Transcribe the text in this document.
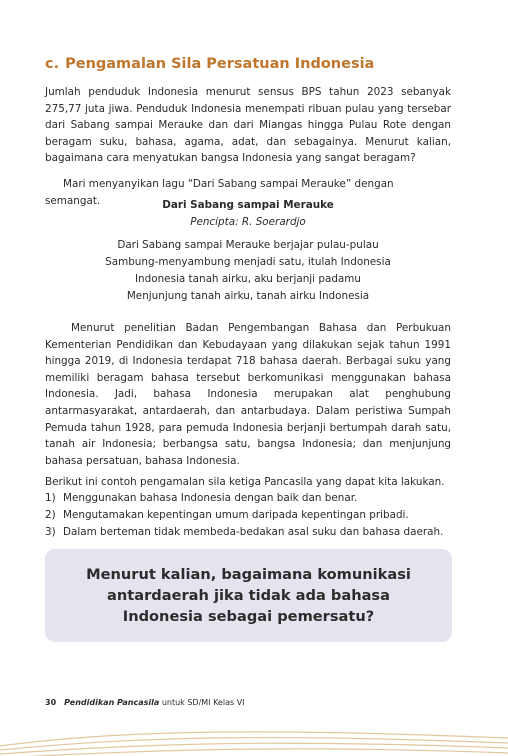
c. Pengamalan Sila Persatuan Indonesia

Jumlah penduduk Indonesia menurut sensus BPS tahun 2023 sebanyak 275,77 juta jiwa. Penduduk Indonesia menempati ribuan pulau yang tersebar dari Sabang sampai Merauke dan dari Miangas hingga Pulau Rote dengan beragam suku, bahasa, agama, adat, dan sebagainya. Menurut kalian, bagaimana cara menyatukan bangsa Indonesia yang sangat beragam?

Mari menyanyikan lagu “Dari Sabang sampai Merauke” dengan semangat.	Dari Sabang sampai Merauke
Pencipta: R. Soerardjo
Dari Sabang sampai Merauke berjajar pulau-pulau
Sambung-menyambung menjadi satu, itulah Indonesia
Indonesia tanah airku, aku berjanji padamu
Menjunjung tanah airku, tanah airku Indonesia

Menurut penelitian Badan Pengembangan Bahasa dan Perbukuan Kementerian Pendidikan dan Kebudayaan yang dilakukan sejak tahun 1991 hingga 2019, di Indonesia terdapat 718 bahasa daerah. Berbagai suku yang memiliki beragam bahasa tersebut berkomunikasi menggunakan bahasa Indonesia. Jadi, bahasa Indonesia merupakan alat penghubung antarmasyarakat, antardaerah, dan antarbudaya. Dalam peristiwa Sumpah Pemuda tahun 1928, para pemuda Indonesia berjanji bertumpah darah satu, tanah air Indonesia; berbangsa satu, bangsa Indonesia; dan menjunjung bahasa persatuan, bahasa Indonesia.

Berikut ini contoh pengamalan sila ketiga Pancasila yang dapat kita lakukan.

1) Menggunakan bahasa Indonesia dengan baik dan benar.
2) Mengutamakan kepentingan umum daripada kepentingan pribadi.
3) Dalam berteman tidak membeda-bedakan asal suku dan bahasa daerah.
Menurut kalian, bagaimana komunikasi antardaerah jika tidak ada bahasa Indonesia sebagai pemersatu?
30 Pendidikan Pancasila untuk SD/MI Kelas VI
